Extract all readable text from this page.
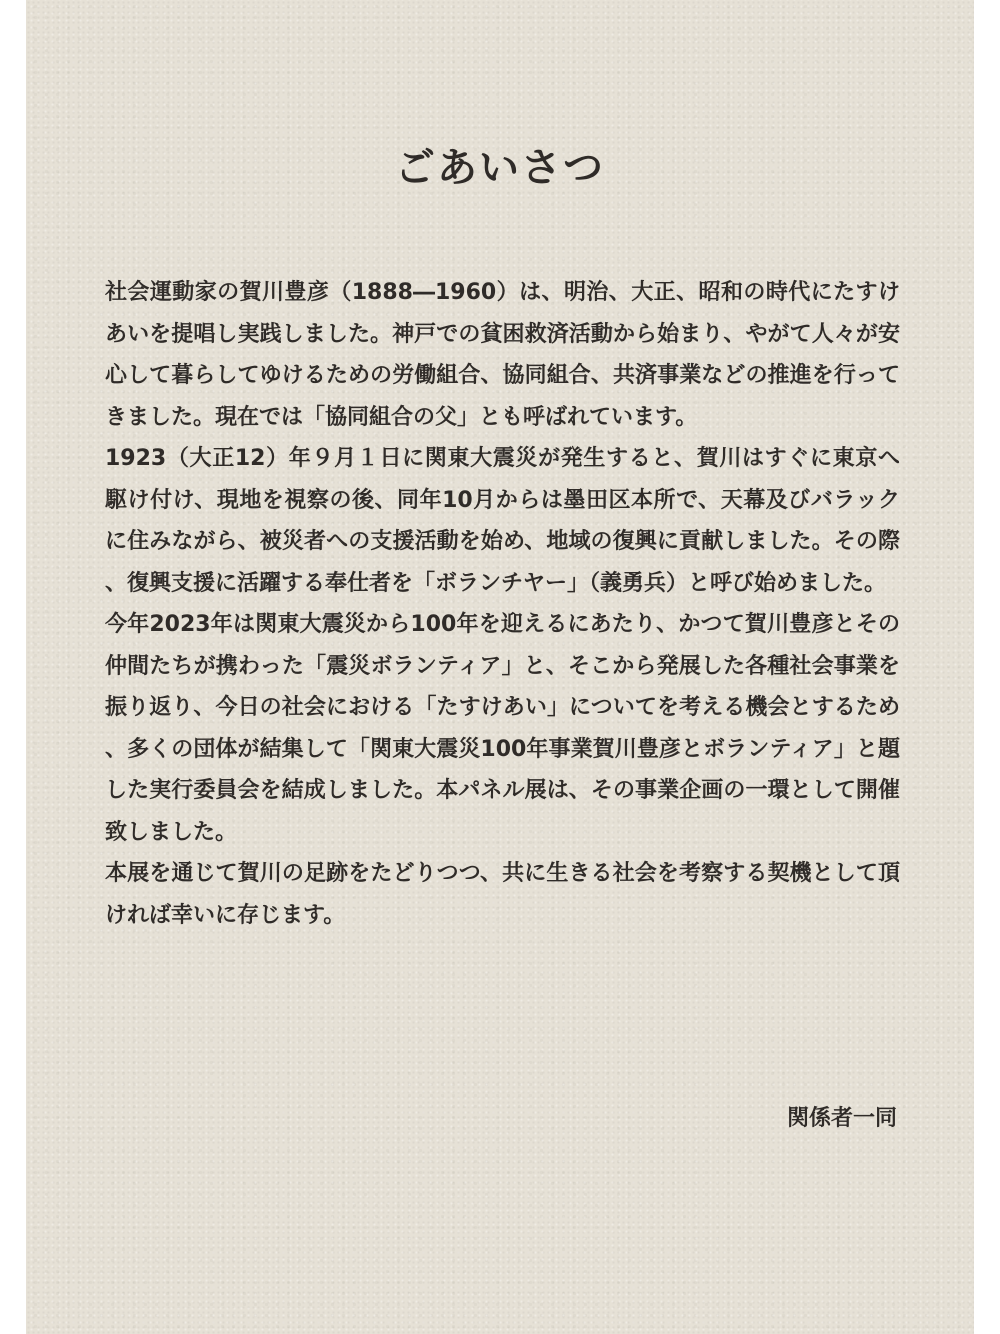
ごあいさつ

社会運動家の賀川豊彦（1888―1960）は、明治、大正、昭和の時代にたすけあいを提唱し実践しました。神戸での貧困救済活動から始まり、やがて人々が安心して暮らしてゆけるための労働組合、協同組合、共済事業などの推進を行ってきました。現在では「協同組合の父」とも呼ばれています。

1923（大正12）年９月１日に関東大震災が発生すると、賀川はすぐに東京へ駆け付け、現地を視察の後、同年10月からは墨田区本所で、天幕及びバラックに住みながら、被災者への支援活動を始め、地域の復興に貢献しました。その際、復興支援に活躍する奉仕者を「ボランチヤー」（義勇兵）と呼び始めました。

今年2023年は関東大震災から100年を迎えるにあたり、かつて賀川豊彦とその仲間たちが携わった「震災ボランティア」と、そこから発展した各種社会事業を振り返り、今日の社会における「たすけあい」についてを考える機会とするため、多くの団体が結集して「関東大震災100年事業賀川豊彦とボランティア」と題した実行委員会を結成しました。本パネル展は、その事業企画の一環として開催致しました。

本展を通じて賀川の足跡をたどりつつ、共に生きる社会を考察する契機として頂ければ幸いに存じます。

関係者一同
